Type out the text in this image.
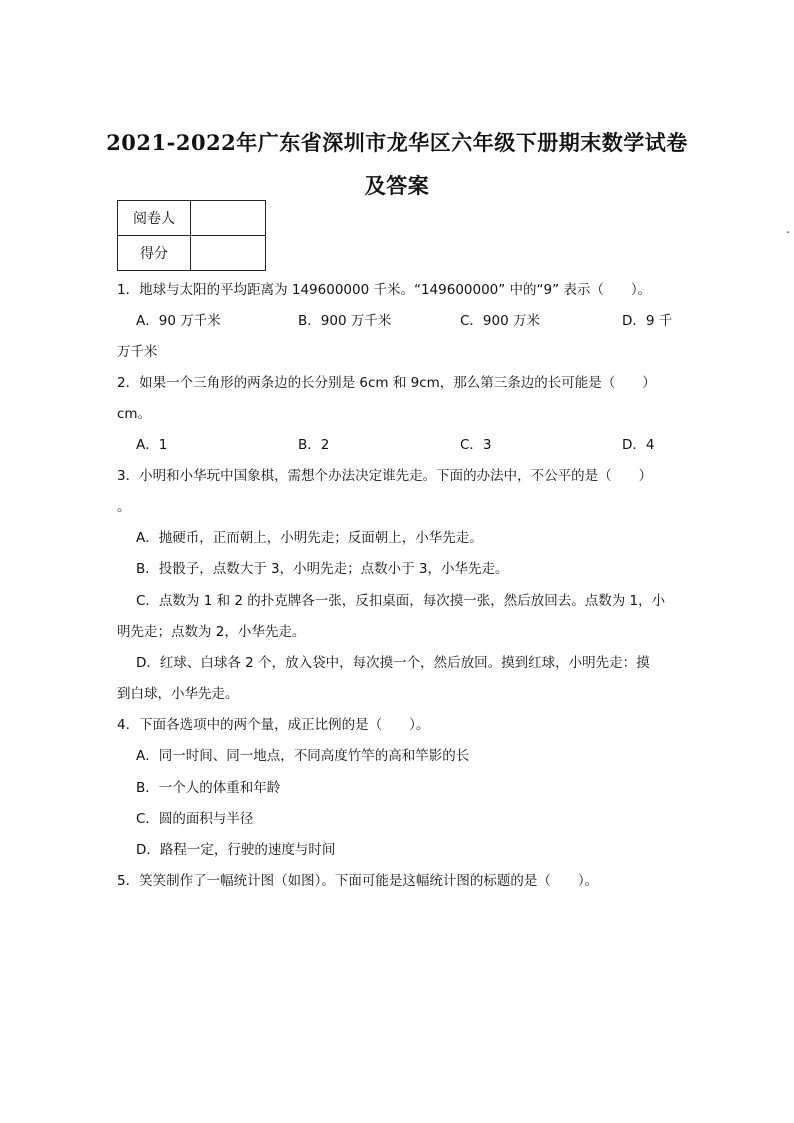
2021-2022年广东省深圳市龙华区六年级下册期末数学试卷
及答案
阅卷人	
得分	
-
1．地球与太阳的平均距离为 149600000 千米。“149600000” 中的“9” 表示（　　）。
A．90 万千米	B．900 万千米	C．900 万米	D．9 千
万千米
2．如果一个三角形的两条边的长分别是 6cm 和 9cm，那么第三条边的长可能是（　　）
cm。
A．1	B．2	C．3	D．4
3．小明和小华玩中国象棋，需想个办法决定谁先走。下面的办法中，不公平的是（　　）
。
A．抛硬币，正而朝上，小明先走；反面朝上，小华先走。
B．投骰子，点数大于 3，小明先走；点数小于 3，小华先走。
C．点数为 1 和 2 的扑克牌各一张，反扣桌面，每次摸一张，然后放回去。点数为 1，小
明先走；点数为 2，小华先走。
D．红球、白球各 2 个，放入袋中，每次摸一个，然后放回。摸到红球，小明先走：摸
到白球，小华先走。
4．下面各选项中的两个量，成正比例的是（　　）。
A．同一时间、同一地点，不同高度竹竿的高和竿影的长
B．一个人的体重和年龄
C．圆的面积与半径
D．路程一定，行驶的速度与时间
5．笑笑制作了一幅统计图（如图）。下面可能是这幅统计图的标题的是（　　）。
